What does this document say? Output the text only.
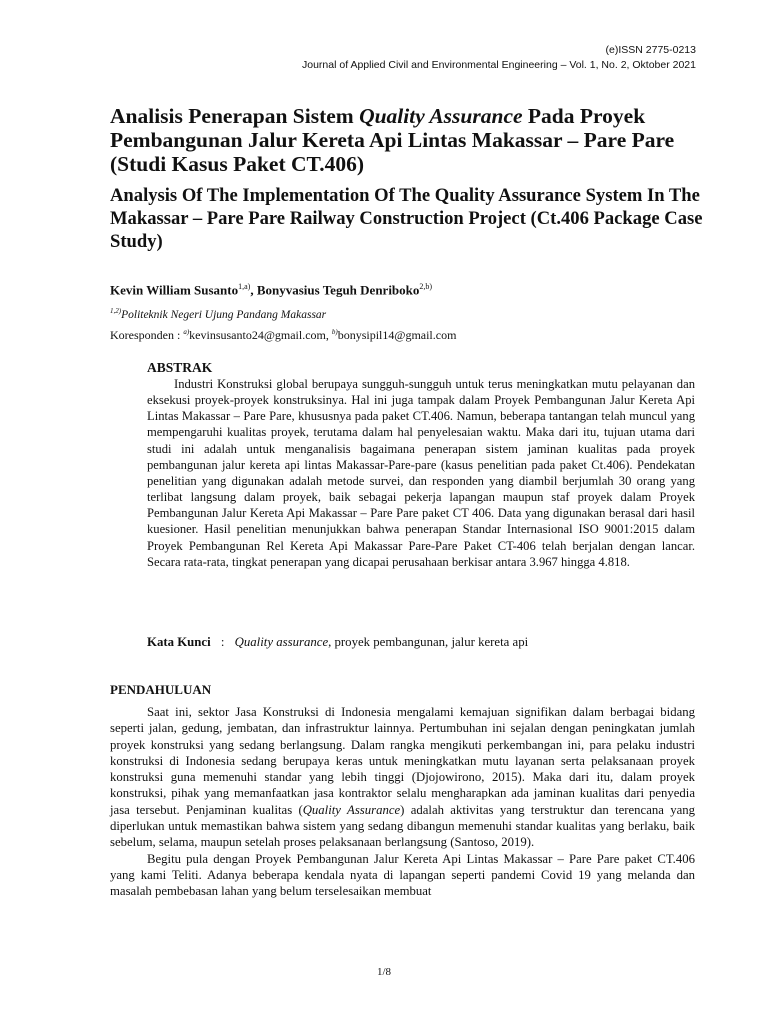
(e)ISSN 2775-0213
Journal of Applied Civil and Environmental Engineering – Vol. 1, No. 2, Oktober 2021
Analisis Penerapan Sistem Quality Assurance Pada Proyek Pembangunan Jalur Kereta Api Lintas Makassar – Pare Pare (Studi Kasus Paket CT.406)
Analysis Of The Implementation Of The Quality Assurance System In The Makassar – Pare Pare Railway Construction Project (Ct.406 Package Case Study)
Kevin William Susanto$^{1,a)}$, Bonyvasius Teguh Denriboko$^{2,b)}$
$^{1,2)}$Politeknik Negeri Ujung Pandang Makassar
Koresponden : $^{a)}$kevinsusanto24@gmail.com, $^{b)}$bonysipil14@gmail.com
ABSTRAK

Industri Konstruksi global berupaya sungguh-sungguh untuk terus meningkatkan mutu pelayanan dan eksekusi proyek-proyek konstruksinya. Hal ini juga tampak dalam Proyek Pembangunan Jalur Kereta Api Lintas Makassar – Pare Pare, khususnya pada paket CT.406. Namun, beberapa tantangan telah muncul yang mempengaruhi kualitas proyek, terutama dalam hal penyelesaian waktu. Maka dari itu, tujuan utama dari studi ini adalah untuk menganalisis bagaimana penerapan sistem jaminan kualitas pada proyek pembangunan jalur kereta api lintas Makassar-Pare-pare (kasus penelitian pada paket Ct.406). Pendekatan penelitian yang digunakan adalah metode survei, dan responden yang diambil berjumlah 30 orang yang terlibat langsung dalam proyek, baik sebagai pekerja lapangan maupun staf proyek dalam Proyek Pembangunan Jalur Kereta Api Makassar – Pare Pare paket CT 406. Data yang digunakan berasal dari hasil kuesioner. Hasil penelitian menunjukkan bahwa penerapan Standar Internasional ISO 9001:2015 dalam Proyek Pembangunan Rel Kereta Api Makassar Pare-Pare Paket CT-406 telah berjalan dengan lancar. Secara rata-rata, tingkat penerapan yang dicapai perusahaan berkisar antara 3.967 hingga 4.818.

Kata Kunci : Quality assurance, proyek pembangunan, jalur kereta api
PENDAHULUAN

Saat ini, sektor Jasa Konstruksi di Indonesia mengalami kemajuan signifikan dalam berbagai bidang seperti jalan, gedung, jembatan, dan infrastruktur lainnya. Pertumbuhan ini sejalan dengan peningkatan jumlah proyek konstruksi yang sedang berlangsung. Dalam rangka mengikuti perkembangan ini, para pelaku industri konstruksi di Indonesia sedang berupaya keras untuk meningkatkan mutu layanan serta pelaksanaan proyek konstruksi guna memenuhi standar yang lebih tinggi (Djojowirono, 2015). Maka dari itu, dalam proyek konstruksi, pihak yang memanfaatkan jasa kontraktor selalu mengharapkan ada jaminan kualitas dari penyedia jasa tersebut. Penjaminan kualitas (Quality Assurance) adalah aktivitas yang terstruktur dan terencana yang diperlukan untuk memastikan bahwa sistem yang sedang dibangun memenuhi standar kualitas yang berlaku, baik sebelum, selama, maupun setelah proses pelaksanaan berlangsung (Santoso, 2019).

Begitu pula dengan Proyek Pembangunan Jalur Kereta Api Lintas Makassar – Pare Pare paket CT.406 yang kami Teliti. Adanya beberapa kendala nyata di lapangan seperti pandemi Covid 19 yang melanda dan masalah pembebasan lahan yang belum terselesaikan membuat

1/8
